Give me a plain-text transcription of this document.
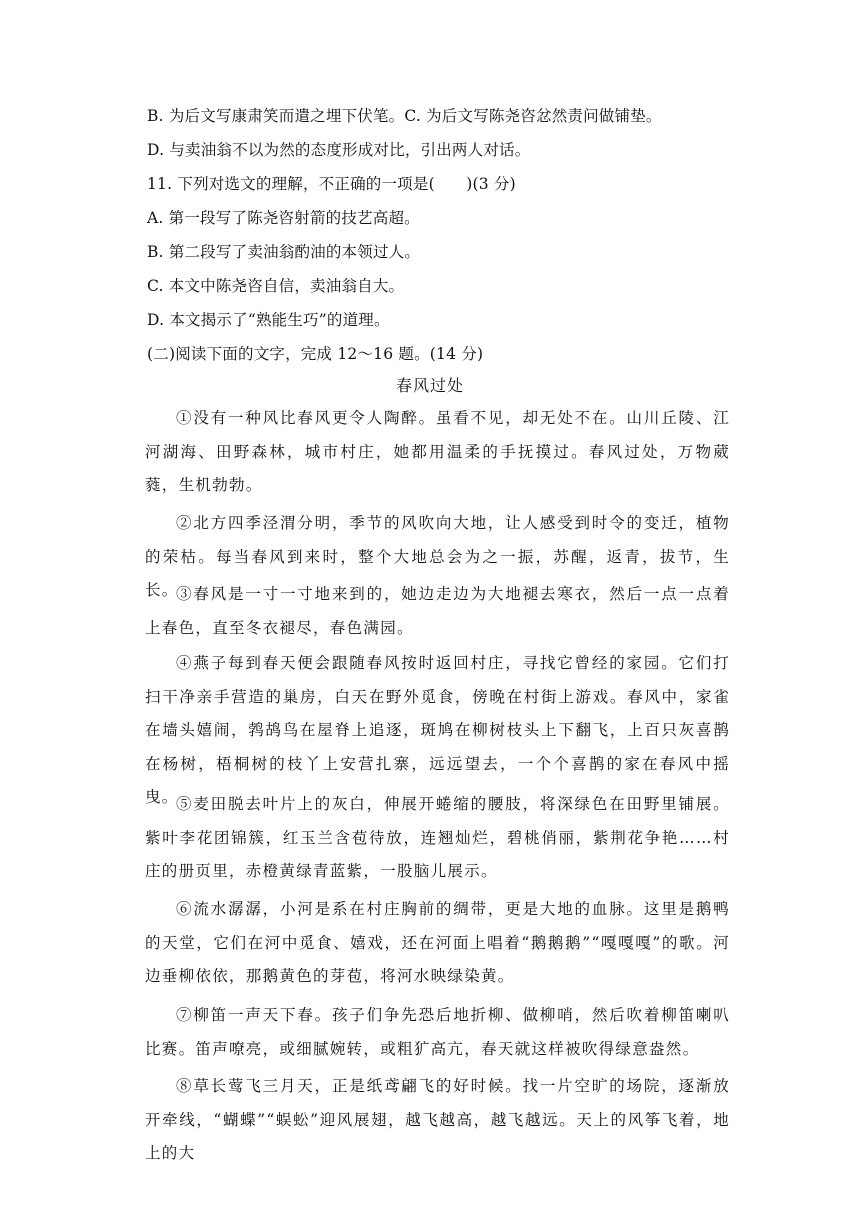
B. 为后文写康肃笑而遣之埋下伏笔。C. 为后文写陈尧咨忿然责问做铺垫。
D. 与卖油翁不以为然的态度形成对比，引出两人对话。
11. 下列对选文的理解，不正确的一项是(　　)(3 分)
A. 第一段写了陈尧咨射箭的技艺高超。
B. 第二段写了卖油翁酌油的本领过人。
C. 本文中陈尧咨自信，卖油翁自大。
D. 本文揭示了“熟能生巧”的道理。
(二)阅读下面的文字，完成 12～16 题。(14 分)
春风过处

①没有一种风比春风更令人陶醉。虽看不见，却无处不在。山川丘陵、江河湖海、田野森林，城市村庄，她都用温柔的手抚摸过。春风过处，万物葳蕤，生机勃勃。

②北方四季泾渭分明，季节的风吹向大地，让人感受到时令的变迁，植物的荣枯。每当春风到来时，整个大地总会为之一振，苏醒，返青，拔节，生长。

③春风是一寸一寸地来到的，她边走边为大地褪去寒衣，然后一点一点着上春色，直至冬衣褪尽，春色满园。

④燕子每到春天便会跟随春风按时返回村庄，寻找它曾经的家园。它们打扫干净亲手营造的巢房，白天在野外觅食，傍晚在村街上游戏。春风中，家雀在墙头嬉闹，鹁鸪鸟在屋脊上追逐，斑鸠在柳树枝头上下翻飞，上百只灰喜鹊在杨树，梧桐树的枝丫上安营扎寨，远远望去，一个个喜鹊的家在春风中摇曳。

⑤麦田脱去叶片上的灰白，伸展开蜷缩的腰肢，将深绿色在田野里铺展。紫叶李花团锦簇，红玉兰含苞待放，连翘灿烂，碧桃俏丽，紫荆花争艳……村庄的册页里，赤橙黄绿青蓝紫，一股脑儿展示。

⑥流水潺潺，小河是系在村庄胸前的绸带，更是大地的血脉。这里是鹅鸭的天堂，它们在河中觅食、嬉戏，还在河面上唱着“鹅鹅鹅”“嘎嘎嘎”的歌。河边垂柳依依，那鹅黄色的芽苞，将河水映绿染黄。

⑦柳笛一声天下春。孩子们争先恐后地折柳、做柳哨，然后吹着柳笛喇叭比赛。笛声嘹亮，或细腻婉转，或粗犷高亢，春天就这样被吹得绿意盎然。

⑧草长莺飞三月天，正是纸鸢翩飞的好时候。找一片空旷的场院，逐渐放开牵线，“蝴蝶”“蜈蚣”迎风展翅，越飞越高，越飞越远。天上的风筝飞着，地上的大
